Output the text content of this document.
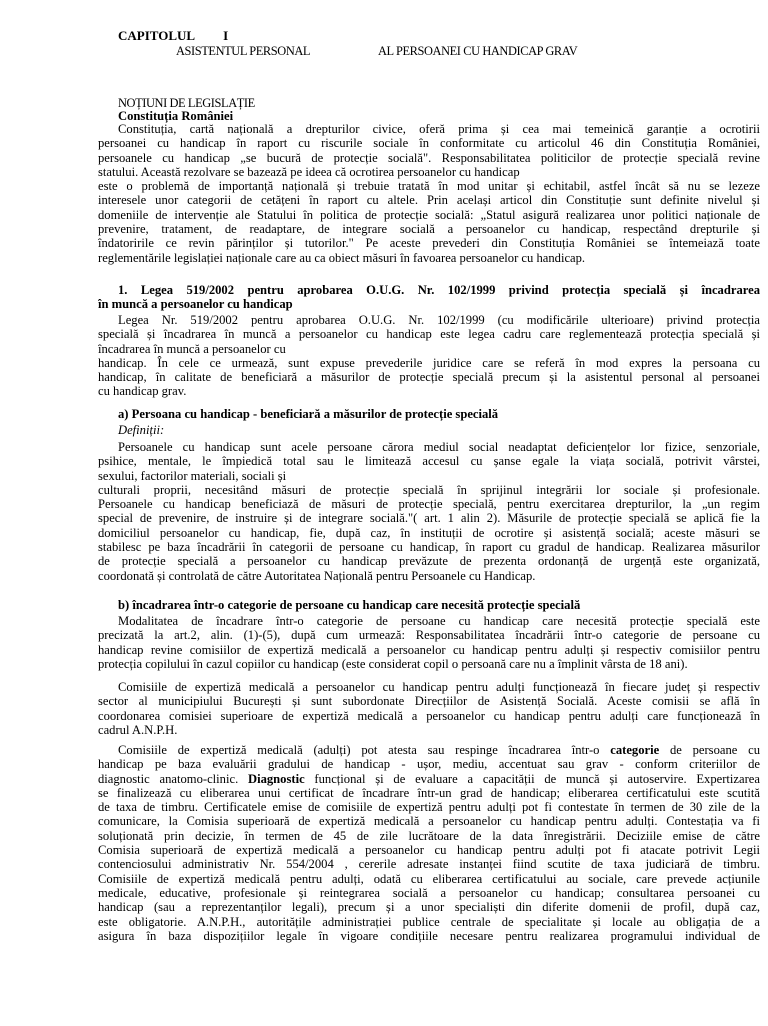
CAPITOLUL I
ASISTENTUL PERSONAL	AL PERSOANEI CU HANDICAP GRAV
NOȚIUNI DE LEGISLAȚIE
Constituția României
Constituția, cartă națională a drepturilor civice, oferă prima și cea mai temeinică garanție a ocrotirii
persoanei cu handicap în raport cu riscurile sociale în conformitate cu articolul 46 din Constituția României,
persoanele cu handicap „se bucură de protecție socială". Responsabilitatea politicilor de protecție specială revine
statului. Această rezolvare se bazează pe ideea că ocrotirea persoanelor cu handicap
este o problemă de importanță națională și trebuie tratată în mod unitar și echitabil, astfel încât să nu se lezeze
interesele unor categorii de cetățeni în raport cu altele. Prin același articol din Constituție sunt definite nivelul și
domeniile de intervenție ale Statului în politica de protecție socială: „Statul asigură realizarea unor politici naționale de
prevenire, tratament, de readaptare, de integrare socială a persoanelor cu handicap, respectând drepturile și
îndatoririle ce revin părinților și tutorilor." Pe aceste prevederi din Constituția României se întemeiază toate
reglementările legislației naționale care au ca obiect măsuri în favoarea persoanelor cu handicap.
1. Legea 519/2002 pentru aprobarea O.U.G. Nr. 102/1999 privind protecția specială și încadrarea
în muncă a persoanelor cu handicap
Legea Nr. 519/2002 pentru aprobarea O.U.G. Nr. 102/1999 (cu modificările ulterioare) privind protecția
specială și încadrarea în muncă a persoanelor cu handicap este legea cadru care reglementează protecția specială și
încadrarea în muncă a persoanelor cu
handicap. În cele ce urmează, sunt expuse prevederile juridice care se referă în mod expres la persoana cu
handicap, în calitate de beneficiară a măsurilor de protecție specială precum și la asistentul personal al persoanei
cu handicap grav.
a) Persoana cu handicap - beneficiară a măsurilor de protecție specială
Definiții:
Persoanele cu handicap sunt acele persoane cărora mediul social neadaptat deficiențelor lor fizice, senzoriale,
psihice, mentale, le împiedică total sau le limitează accesul cu șanse egale la viața socială, potrivit vârstei,
sexului, factorilor materiali, sociali și
culturali proprii, necesitând măsuri de protecție specială în sprijinul integrării lor sociale și profesionale.
Persoanele cu handicap beneficiază de măsuri de protecție specială, pentru exercitarea drepturilor, la „un regim
special de prevenire, de instruire și de integrare socială."( art. 1 alin 2). Măsurile de protecție specială se aplică fie la
domiciliul persoanelor cu handicap, fie, după caz, în instituții de ocrotire și asistență socială; aceste măsuri se
stabilesc pe baza încadrării în categorii de persoane cu handicap, în raport cu gradul de handicap. Realizarea măsurilor
de protecție specială a persoanelor cu handicap prevăzute de prezenta ordonanță de urgență este organizată,
coordonată și controlată de către Autoritatea Națională pentru Persoanele cu Handicap.
b) încadrarea într-o categorie de persoane cu handicap care necesită protecție specială
Modalitatea de încadrare într-o categorie de persoane cu handicap care necesită protecție specială este
precizată la art.2, alin. (1)-(5), după cum urmează: Responsabilitatea încadrării într-o categorie de persoane cu
handicap revine comisiilor de expertiză medicală a persoanelor cu handicap pentru adulți și respectiv comisiilor pentru
protecția copilului în cazul copiilor cu handicap (este considerat copil o persoană care nu a împlinit vârsta de 18 ani).
Comisiile de expertiză medicală a persoanelor cu handicap pentru adulți funcționează în fiecare județ și respectiv
sector al municipiului București și sunt subordonate Direcțiilor de Asistență Socială. Aceste comisii se află în
coordonarea comisiei superioare de expertiză medicală a persoanelor cu handicap pentru adulți care funcționează în
cadrul A.N.P.H.
Comisiile de expertiză medicală (adulți) pot atesta sau respinge încadrarea într-o categorie de persoane cu
handicap pe baza evaluării gradului de handicap - ușor, mediu, accentuat sau grav - conform criteriilor de
diagnostic anatomo-clinic. Diagnostic funcțional și de evaluare a capacității de muncă și autoservire. Expertizarea
se finalizează cu eliberarea unui certificat de încadrare într-un grad de handicap; eliberarea certificatului este scutită
de taxa de timbru. Certificatele emise de comisiile de expertiză pentru adulți pot fi contestate în termen de 30 zile de la
comunicare, la Comisia superioară de expertiză medicală a persoanelor cu handicap pentru adulți. Contestația va fi
soluționată prin decizie, în termen de 45 de zile lucrătoare de la data înregistrării. Deciziile emise de către
Comisia superioară de expertiză medicală a persoanelor cu handicap pentru adulți pot fi atacate potrivit Legii
contenciosului administrativ Nr. 554/2004 , cererile adresate instanței fiind scutite de taxa judiciară de timbru.
Comisiile de expertiză medicală pentru adulți, odată cu eliberarea certificatului au sociale, care prevede acțiunile
medicale, educative, profesionale și reintegrarea socială a persoanelor cu handicap; consultarea persoanei cu
handicap (sau a reprezentanților legali), precum și a unor specialiști din diferite domenii de profil, după caz,
este obligatorie. A.N.P.H., autoritățile administrației publice centrale de specialitate și locale au obligația de a
asigura în baza dispozițiilor legale în vigoare condițiile necesare pentru realizarea programului individual de
